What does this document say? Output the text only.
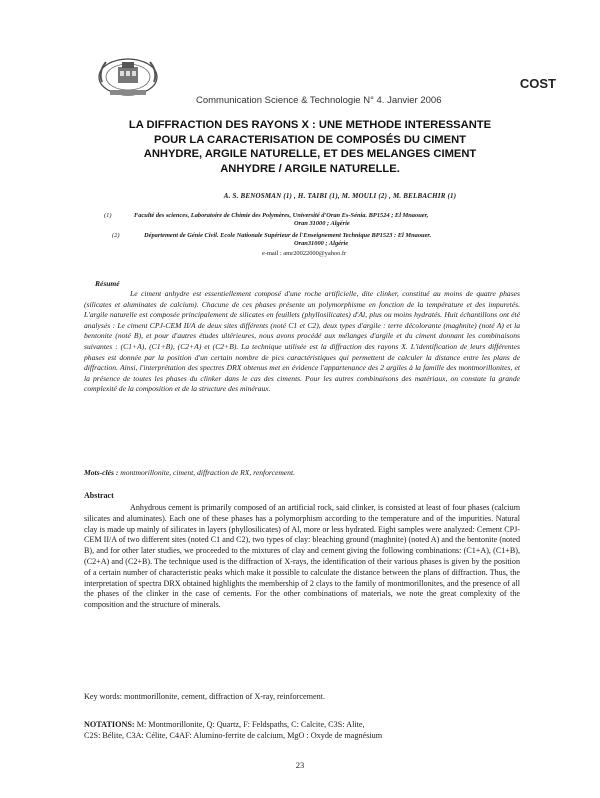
COST
Communication Science & Technologie N° 4. Janvier 2006
LA DIFFRACTION DES RAYONS X : UNE METHODE INTERESSANTE
POUR LA CARACTERISATION DE COMPOSÉS DU CIMENT
ANHYDRE, ARGILE NATURELLE, ET DES MELANGES CIMENT
ANHYDRE / ARGILE NATURELLE.
A. S. BENOSMAN (1) , H. TAIBI (1), M. MOULI (2) , M. BELBACHIR (1)
(1)	Faculté des sciences, Laboratoire de Chimie des Polymères, Université d'Oran Es-Sénia. BP1524 ; El Mnaouer,
Oran 31000 ; Algérie
(2)	Département de Génie Civil. Ecole Nationale Supérieur de l'Enseignement Technique BP1523 : El Mnaouer.
Oran31000 ; Algérie
e-mail : amr20022000@yahoo.fr
Résumé
Le ciment anhydre est essentiellement composé d'une roche artificielle, dite clinker, constitué au moins de quatre phases (silicates et aluminates de calcium). Chacune de ces phases présente un polymorphisme en fonction de la température et des impuretés. L'argile naturelle est composée principalement de silicates en feuillets (phyllosilicates) d'Al, plus ou moins hydratés. Huit échantillons ont été analysés : Le ciment CPJ-CEM II/A de deux sites différents (noté C1 et C2), deux types d'argile : terre décolorante (maghnite) (noté A) et la bentonite (noté B), et pour d'autres études ultérieures, nous avons procédé aux mélanges d'argile et du ciment donnant les combinaisons suivantes : (C1+A), (C1+B), (C2+A) et (C2+B). La technique utilisée est la diffraction des rayons X. L'identification de leurs différentes phases est donnée par la position d'un certain nombre de pics caractéristiques qui permettent de calculer la distance entre les plans de diffraction. Ainsi, l'interprétation des spectres DRX obtenus met en évidence l'appartenance des 2 argiles à la famille des montmorillonites, et la présence de toutes les phases du clinker dans le cas des ciments. Pour les autres combinaisons des matériaux, on constate la grande complexité de la composition et de la structure des minéraux.
Mots-clés : montmorillonite, ciment, diffraction de RX, renforcement.
Abstract
Anhydrous cement is primarily composed of an artificial rock, said clinker, is consisted at least of four phases (calcium silicates and aluminates). Each one of these phases has a polymorphism according to the temperature and of the impurities. Natural clay is made up mainly of silicates in layers (phyllosilicates) of Al, more or less hydrated. Eight samples were analyzed: Cement CPJ-CEM II/A of two different sites (noted C1 and C2), two types of clay: bleaching ground (maghnite) (noted A) and the bentonite (noted B), and for other later studies, we proceeded to the mixtures of clay and cement giving the following combinations: (C1+A), (C1+B), (C2+A) and (C2+B). The technique used is the diffraction of X-rays, the identification of their various phases is given by the position of a certain number of characteristic peaks which make it possible to calculate the distance between the plans of diffraction. Thus, the interpretation of spectra DRX obtained highlights the membership of 2 clays to the family of montmorillonites, and the presence of all the phases of the clinker in the case of cements. For the other combinations of materials, we note the great complexity of the composition and the structure of minerals.
Key words: montmorillonite, cement, diffraction of X-ray, reinforcement.
NOTATIONS: M: Montmorillonite, Q: Quartz, F: Feldspaths, C: Calcite, C3S: Alite,
C2S: Bélite, C3A: Célite, C4AF: Alumino-ferrite de calcium, MgO : Oxyde de magnésium
23
